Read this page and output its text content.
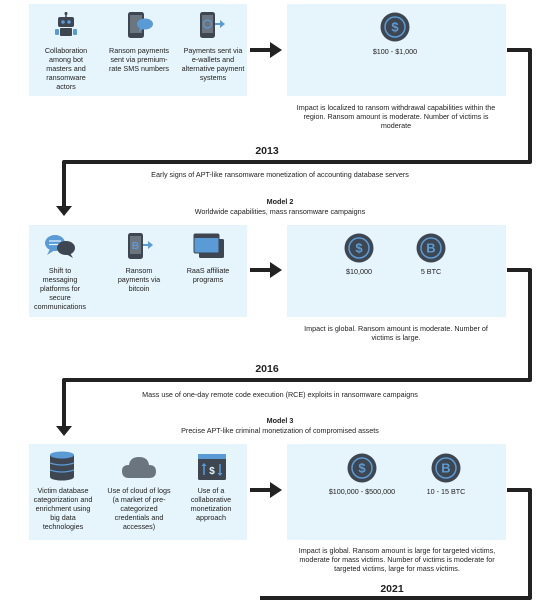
Collaboration among bot masters and ransomware actors
Ransom payments sent via premium-rate SMS numbers
Payments sent via e-wallets and alternative payment systems
$
$100 - $1,000
Impact is localized to ransom withdrawal capabilities within the region. Ransom amount is moderate. Number of victims is moderate
2013
Early signs of APT-like ransomware monetization of accounting database servers
Model 2
Worldwide capabilities, mass ransomware campaigns
B
Shift to messaging platforms for secure communications
Ransom payments via bitcoin
RaaS affiliate programs
$	B
$10,000	5 BTC
Impact is global. Ransom amount is moderate. Number of victims is large.
2016
Mass use of one-day remote code execution (RCE) exploits in ransomware campaigns
Model 3
Precise APT-like criminal monetization of compromised assets
$
Victim database categorization and enrichment using big data technologies
Use of cloud of logs (a market of pre-categorized credentials and accesses)
Use of a collaborative monetization approach
$	B
$100,000 - $500,000	10 - 15 BTC
Impact is global. Ransom amount is large for targeted victims, moderate for mass victims. Number of victims is moderate for targeted victims, large for mass victims.
2021
